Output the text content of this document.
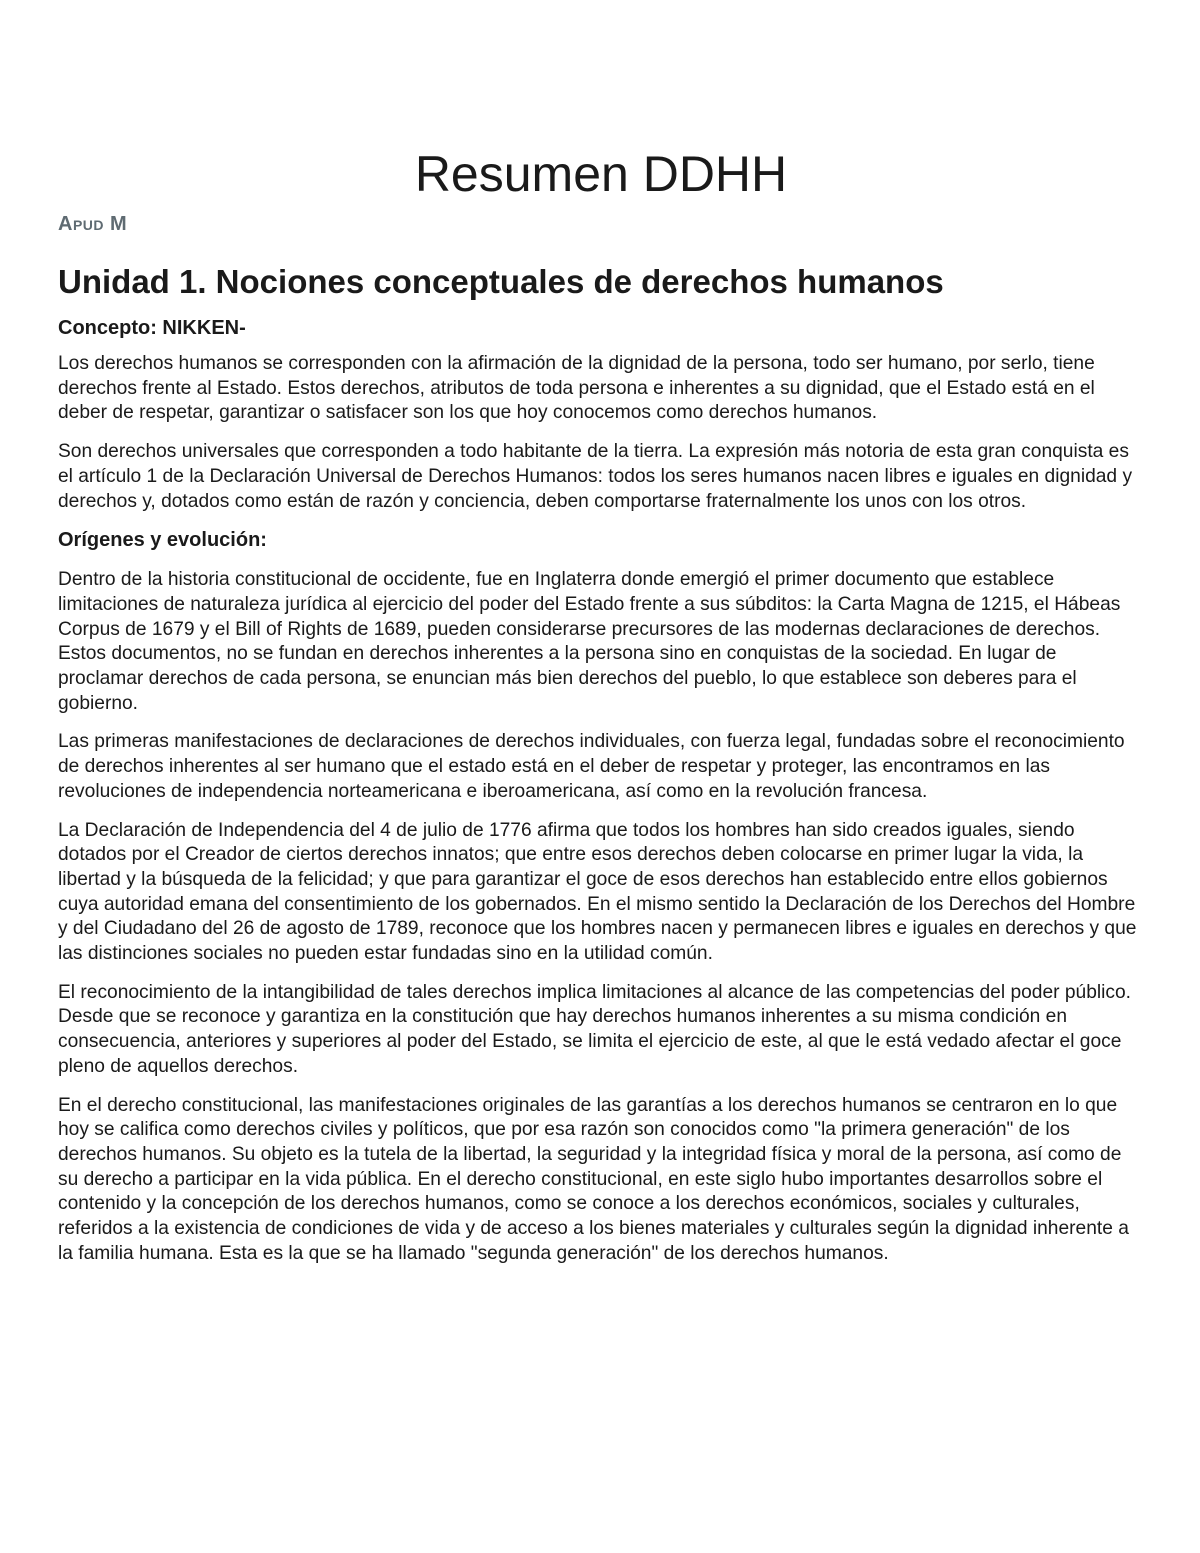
Resumen DDHH
Apud M
Unidad 1. Nociones conceptuales de derechos humanos
Concepto: NIKKEN-

Los derechos humanos se corresponden con la afirmación de la dignidad de la persona, todo ser humano, por serlo, tiene derechos frente al Estado. Estos derechos, atributos de toda persona e inherentes a su dignidad, que el Estado está en el deber de respetar, garantizar o satisfacer son los que hoy conocemos como derechos humanos.

Son derechos universales que corresponden a todo habitante de la tierra. La expresión más notoria de esta gran conquista es el artículo 1 de la Declaración Universal de Derechos Humanos: todos los seres humanos nacen libres e iguales en dignidad y derechos y, dotados como están de razón y conciencia, deben comportarse fraternalmente los unos con los otros.

Orígenes y evolución:

Dentro de la historia constitucional de occidente, fue en Inglaterra donde emergió el primer documento que establece limitaciones de naturaleza jurídica al ejercicio del poder del Estado frente a sus súbditos: la Carta Magna de 1215, el Hábeas Corpus de 1679 y el Bill of Rights de 1689, pueden considerarse precursores de las modernas declaraciones de derechos. Estos documentos, no se fundan en derechos inherentes a la persona sino en conquistas de la sociedad. En lugar de proclamar derechos de cada persona, se enuncian más bien derechos del pueblo, lo que establece son deberes para el gobierno.

Las primeras manifestaciones de declaraciones de derechos individuales, con fuerza legal, fundadas sobre el reconocimiento de derechos inherentes al ser humano que el estado está en el deber de respetar y proteger, las encontramos en las revoluciones de independencia norteamericana e iberoamericana, así como en la revolución francesa.

La Declaración de Independencia del 4 de julio de 1776 afirma que todos los hombres han sido creados iguales, siendo dotados por el Creador de ciertos derechos innatos; que entre esos derechos deben colocarse en primer lugar la vida, la libertad y la búsqueda de la felicidad; y que para garantizar el goce de esos derechos han establecido entre ellos gobiernos cuya autoridad emana del consentimiento de los gobernados. En el mismo sentido la Declaración de los Derechos del Hombre y del Ciudadano del 26 de agosto de 1789, reconoce que los hombres nacen y permanecen libres e iguales en derechos y que las distinciones sociales no pueden estar fundadas sino en la utilidad común.

El reconocimiento de la intangibilidad de tales derechos implica limitaciones al alcance de las competencias del poder público. Desde que se reconoce y garantiza en la constitución que hay derechos humanos inherentes a su misma condición en consecuencia, anteriores y superiores al poder del Estado, se limita el ejercicio de este, al que le está vedado afectar el goce pleno de aquellos derechos.

En el derecho constitucional, las manifestaciones originales de las garantías a los derechos humanos se centraron en lo que hoy se califica como derechos civiles y políticos, que por esa razón son conocidos como "la primera generación" de los derechos humanos. Su objeto es la tutela de la libertad, la seguridad y la integridad física y moral de la persona, así como de su derecho a participar en la vida pública. En el derecho constitucional, en este siglo hubo importantes desarrollos sobre el contenido y la concepción de los derechos humanos, como se conoce a los derechos económicos, sociales y culturales, referidos a la existencia de condiciones de vida y de acceso a los bienes materiales y culturales según la dignidad inherente a la familia humana. Esta es la que se ha llamado "segunda generación" de los derechos humanos.
